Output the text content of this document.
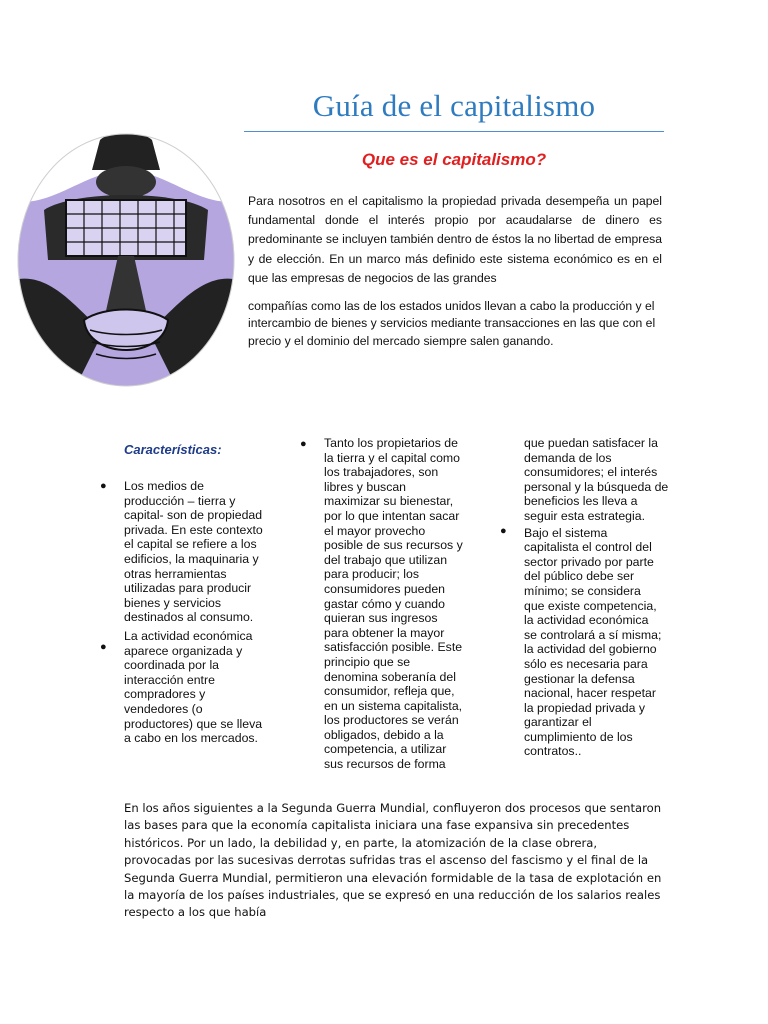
Guía de el capitalismo
Que es el capitalismo?
Para nosotros en el capitalismo la propiedad privada desempeña un papel fundamental donde el interés propio por acaudalarse de dinero es predominante se incluyen también dentro de éstos la no libertad de empresa y de elección. En un marco más definido este sistema económico es en el que las empresas de negocios de las grandes
compañías como las de los estados unidos llevan a cabo la producción y el intercambio de bienes y servicios mediante transacciones en las que con el precio y el dominio del mercado siempre salen ganando.
Características:
●
●
●
●

Los medios de producción – tierra y capital- son de propiedad privada. En este contexto el capital se refiere a los edificios, la maquinaria y otras herramientas utilizadas para producir bienes y servicios destinados al consumo.

La actividad económica aparece organizada y coordinada por la interacción entre compradores y vendedores (o productores) que se lleva a cabo en los mercados.

Tanto los propietarios de la tierra y el capital como los trabajadores, son libres y buscan maximizar su bienestar, por lo que intentan sacar el mayor provecho posible de sus recursos y del trabajo que utilizan para producir; los consumidores pueden gastar cómo y cuando quieran sus ingresos para obtener la mayor satisfacción posible. Este principio que se denomina soberanía del consumidor, refleja que, en un sistema capitalista, los productores se verán obligados, debido a la competencia, a utilizar sus recursos de forma

que puedan satisfacer la demanda de los consumidores; el interés personal y la búsqueda de beneficios les lleva a seguir esta estrategia.

Bajo el sistema capitalista el control del sector privado por parte del público debe ser mínimo; se considera que existe competencia, la actividad económica se controlará a sí misma; la actividad del gobierno sólo es necesaria para gestionar la defensa nacional, hacer respetar la propiedad privada y garantizar el cumplimiento de los contratos..

En los años siguientes a la Segunda Guerra Mundial, confluyeron dos procesos que sentaron las bases para que la economía capitalista iniciara una fase expansiva sin precedentes históricos. Por un lado, la debilidad y, en parte, la atomización de la clase obrera, provocadas por las sucesivas derrotas sufridas tras el ascenso del fascismo y el final de la Segunda Guerra Mundial, permitieron una elevación formidable de la tasa de explotación en la mayoría de los países industriales, que se expresó en una reducción de los salarios reales respecto a los que había
